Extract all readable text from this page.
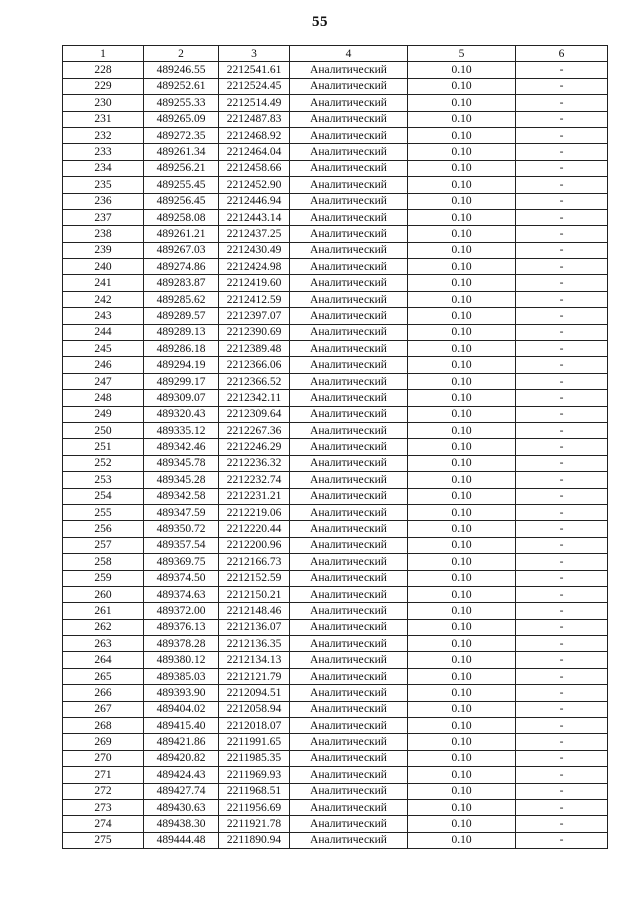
55
1	2	3	4	5	6
228	489246.55	2212541.61	Аналитический	0.10	-
229	489252.61	2212524.45	Аналитический	0.10	-
230	489255.33	2212514.49	Аналитический	0.10	-
231	489265.09	2212487.83	Аналитический	0.10	-
232	489272.35	2212468.92	Аналитический	0.10	-
233	489261.34	2212464.04	Аналитический	0.10	-
234	489256.21	2212458.66	Аналитический	0.10	-
235	489255.45	2212452.90	Аналитический	0.10	-
236	489256.45	2212446.94	Аналитический	0.10	-
237	489258.08	2212443.14	Аналитический	0.10	-
238	489261.21	2212437.25	Аналитический	0.10	-
239	489267.03	2212430.49	Аналитический	0.10	-
240	489274.86	2212424.98	Аналитический	0.10	-
241	489283.87	2212419.60	Аналитический	0.10	-
242	489285.62	2212412.59	Аналитический	0.10	-
243	489289.57	2212397.07	Аналитический	0.10	-
244	489289.13	2212390.69	Аналитический	0.10	-
245	489286.18	2212389.48	Аналитический	0.10	-
246	489294.19	2212366.06	Аналитический	0.10	-
247	489299.17	2212366.52	Аналитический	0.10	-
248	489309.07	2212342.11	Аналитический	0.10	-
249	489320.43	2212309.64	Аналитический	0.10	-
250	489335.12	2212267.36	Аналитический	0.10	-
251	489342.46	2212246.29	Аналитический	0.10	-
252	489345.78	2212236.32	Аналитический	0.10	-
253	489345.28	2212232.74	Аналитический	0.10	-
254	489342.58	2212231.21	Аналитический	0.10	-
255	489347.59	2212219.06	Аналитический	0.10	-
256	489350.72	2212220.44	Аналитический	0.10	-
257	489357.54	2212200.96	Аналитический	0.10	-
258	489369.75	2212166.73	Аналитический	0.10	-
259	489374.50	2212152.59	Аналитический	0.10	-
260	489374.63	2212150.21	Аналитический	0.10	-
261	489372.00	2212148.46	Аналитический	0.10	-
262	489376.13	2212136.07	Аналитический	0.10	-
263	489378.28	2212136.35	Аналитический	0.10	-
264	489380.12	2212134.13	Аналитический	0.10	-
265	489385.03	2212121.79	Аналитический	0.10	-
266	489393.90	2212094.51	Аналитический	0.10	-
267	489404.02	2212058.94	Аналитический	0.10	-
268	489415.40	2212018.07	Аналитический	0.10	-
269	489421.86	2211991.65	Аналитический	0.10	-
270	489420.82	2211985.35	Аналитический	0.10	-
271	489424.43	2211969.93	Аналитический	0.10	-
272	489427.74	2211968.51	Аналитический	0.10	-
273	489430.63	2211956.69	Аналитический	0.10	-
274	489438.30	2211921.78	Аналитический	0.10	-
275	489444.48	2211890.94	Аналитический	0.10	-
